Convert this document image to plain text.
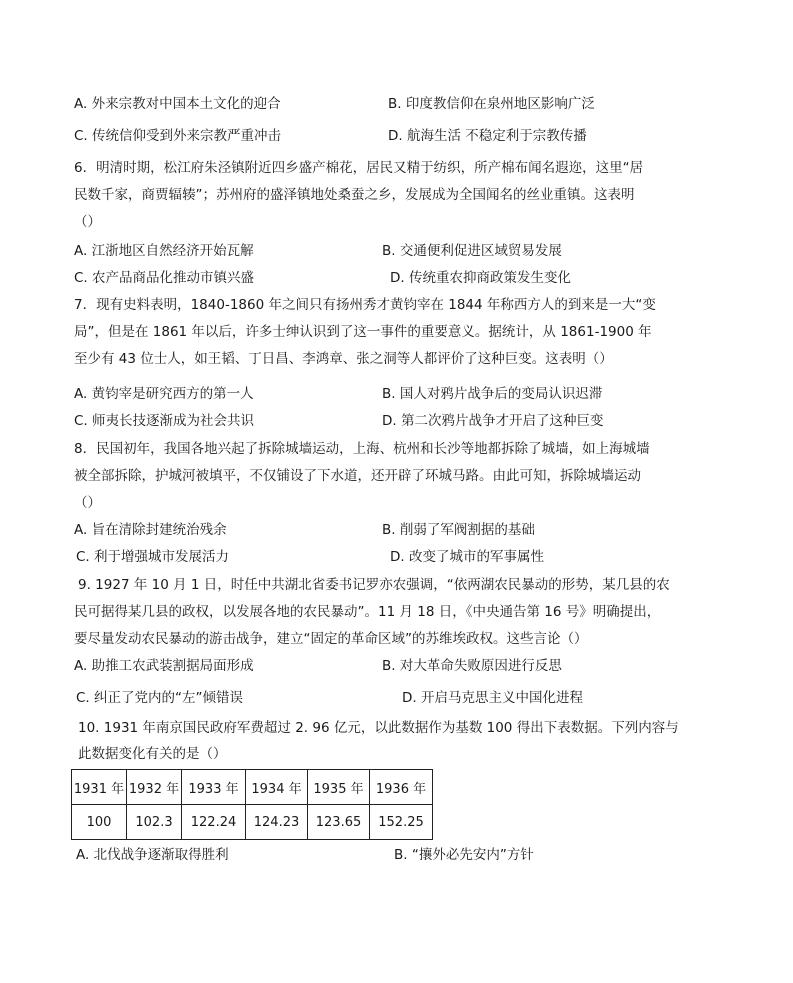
A. 外来宗教对中国本土文化的迎合	B. 印度教信仰在泉州地区影响广泛
C. 传统信仰受到外来宗教严重冲击	D. 航海生活 不稳定利于宗教传播
6．明清时期，松江府朱泾镇附近四乡盛产棉花，居民又精于纺织，所产棉布闻名遐迩，这里“居
民数千家，商贾辐辏”；苏州府的盛泽镇地处桑蚕之乡，发展成为全国闻名的丝业重镇。这表明
（）
A. 江浙地区自然经济开始瓦解	B. 交通便利促进区域贸易发展
C. 农产品商品化推动市镇兴盛	D. 传统重农抑商政策发生变化
7．现有史料表明，1840-1860 年之间只有扬州秀才黄钧宰在 1844 年称西方人的到来是一大“变
局”，但是在 1861 年以后，许多士绅认识到了这一事件的重要意义。据统计，从 1861-1900 年
至少有 43 位士人，如王韬、丁日昌、李鸿章、张之洞等人都评价了这种巨变。这表明（）
A. 黄钧宰是研究西方的第一人	B. 国人对鸦片战争后的变局认识迟滞
C. 师夷长技逐渐成为社会共识	D. 第二次鸦片战争才开启了这种巨变
8．民国初年，我国各地兴起了拆除城墙运动，上海、杭州和长沙等地都拆除了城墙，如上海城墙
被全部拆除，护城河被填平，不仅铺设了下水道，还开辟了环城马路。由此可知，拆除城墙运动
（）
A. 旨在清除封建统治残余	B. 削弱了军阀割据的基础
C. 利于增强城市发展活力	D. 改变了城市的军事属性
9. 1927 年 10 月 1 日，时任中共湖北省委书记罗亦农强调，“依两湖农民暴动的形势，某几县的农
民可据得某几县的政权，以发展各地的农民暴动”。11 月 18 日，《中央通告第 16 号》明确提出，
要尽量发动农民暴动的游击战争，建立“固定的革命区域”的苏维埃政权。这些言论（）
A. 助推工农武装割据局面形成	B. 对大革命失败原因进行反思
C. 纠正了党内的“左”倾错误	D. 开启马克思主义中国化进程
10. 1931 年南京国民政府军费超过 2. 96 亿元，以此数据作为基数 100 得出下表数据。下列内容与
此数据变化有关的是（）
1931 年	1932 年	1933 年	1934 年	1935 年	1936 年
100	102.3	122.24	124.23	123.65	152.25
A. 北伐战争逐渐取得胜利	B. “攘外必先安内”方针
